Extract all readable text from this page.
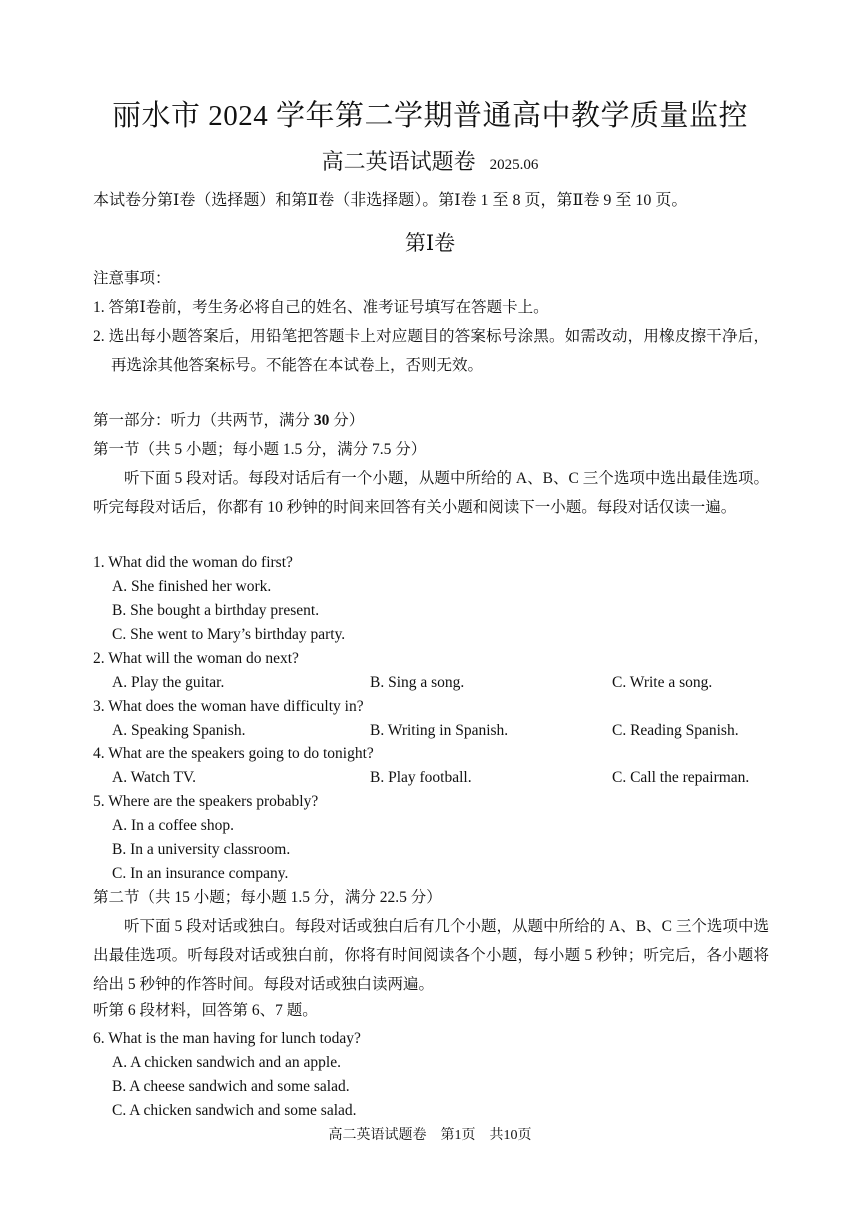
丽水市 2024 学年第二学期普通高中教学质量监控
高二英语试题卷 2025.06
本试卷分第Ⅰ卷（选择题）和第Ⅱ卷（非选择题）。第Ⅰ卷 1 至 8 页，第Ⅱ卷 9 至 10 页。
第Ⅰ卷
注意事项：
1. 答第Ⅰ卷前，考生务必将自己的姓名、准考证号填写在答题卡上。
2. 选出每小题答案后，用铅笔把答题卡上对应题目的答案标号涂黑。如需改动，用橡皮擦干净后，再选涂其他答案标号。不能答在本试卷上，否则无效。
第一部分：听力（共两节，满分 30 分）
第一节（共 5 小题；每小题 1.5 分，满分 7.5 分）
听下面 5 段对话。每段对话后有一个小题，从题中所给的 A、B、C 三个选项中选出最佳选项。听完每段对话后，你都有 10 秒钟的时间来回答有关小题和阅读下一小题。每段对话仅读一遍。
1. What did the woman do first?
A. She finished her work.
B. She bought a birthday present.
C. She went to Mary’s birthday party.
2. What will the woman do next?
A. Play the guitar.	B. Sing a song.	C. Write a song.
3. What does the woman have difficulty in?
A. Speaking Spanish.	B. Writing in Spanish.	C. Reading Spanish.
4. What are the speakers going to do tonight?
A. Watch TV.	B. Play football.	C. Call the repairman.
5. Where are the speakers probably?
A. In a coffee shop.
B. In a university classroom.
C. In an insurance company.
第二节（共 15 小题；每小题 1.5 分，满分 22.5 分）
听下面 5 段对话或独白。每段对话或独白后有几个小题，从题中所给的 A、B、C 三个选项中选出最佳选项。听每段对话或独白前，你将有时间阅读各个小题，每小题 5 秒钟；听完后，各小题将给出 5 秒钟的作答时间。每段对话或独白读两遍。
听第 6 段材料，回答第 6、7 题。
6. What is the man having for lunch today?
A. A chicken sandwich and an apple.
B. A cheese sandwich and some salad.
C. A chicken sandwich and some salad.
高二英语试题卷　第1页　共10页
